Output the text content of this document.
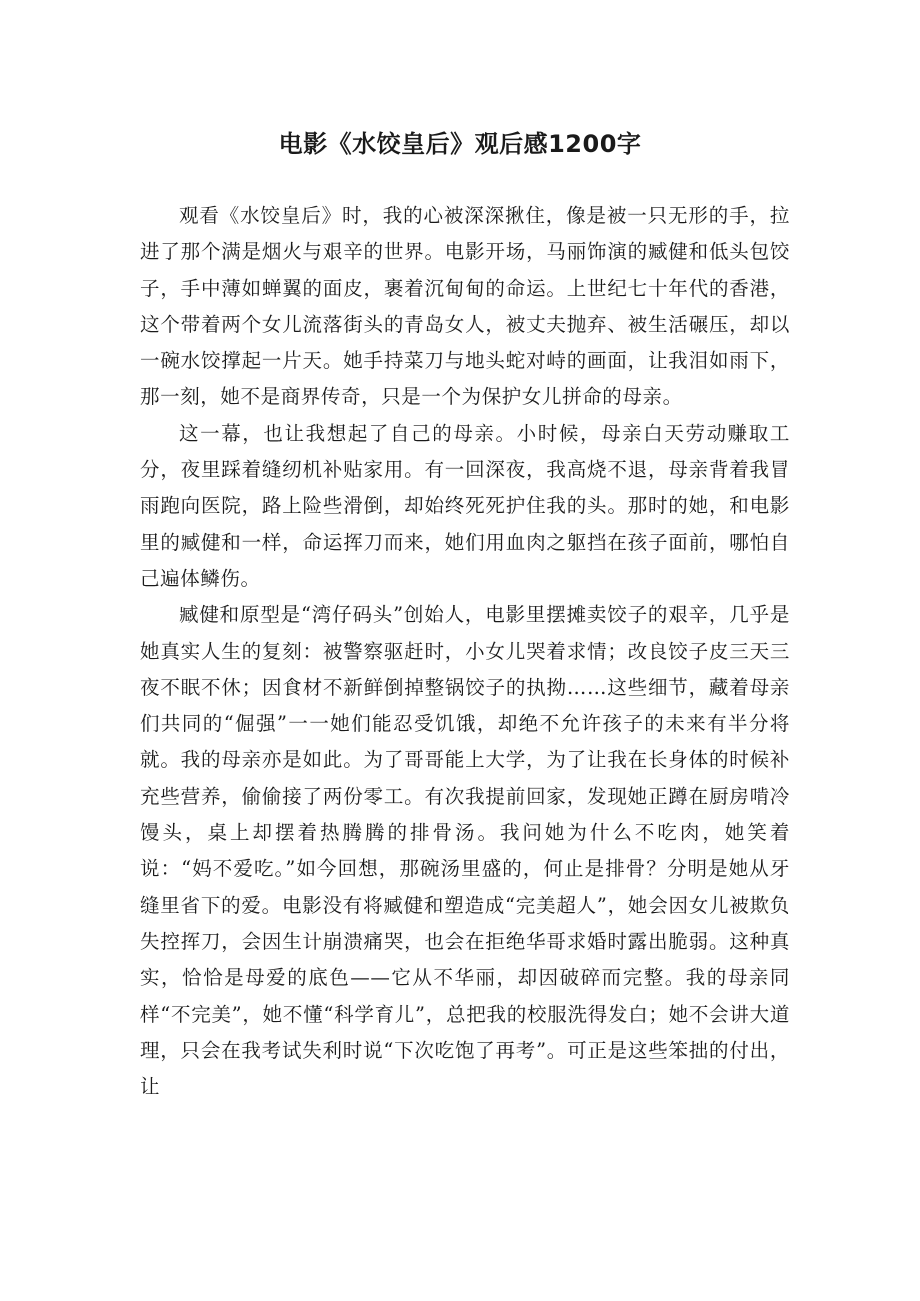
电影《水饺皇后》观后感1200字

观看《水饺皇后》时，我的心被深深揪住，像是被一只无形的手，拉进了那个满是烟火与艰辛的世界。电影开场，马丽饰演的臧健和低头包饺子，手中薄如蝉翼的面皮，裹着沉甸甸的命运。上世纪七十年代的香港，这个带着两个女儿流落街头的青岛女人，被丈夫抛弃、被生活碾压，却以一碗水饺撑起一片天。她手持菜刀与地头蛇对峙的画面，让我泪如雨下，那一刻，她不是商界传奇，只是一个为保护女儿拼命的母亲。

这一幕，也让我想起了自己的母亲。小时候，母亲白天劳动赚取工分，夜里踩着缝纫机补贴家用。有一回深夜，我高烧不退，母亲背着我冒雨跑向医院，路上险些滑倒，却始终死死护住我的头。那时的她，和电影里的臧健和一样，命运挥刀而来，她们用血肉之躯挡在孩子面前，哪怕自己遍体鳞伤。

臧健和原型是“湾仔码头”创始人，电影里摆摊卖饺子的艰辛，几乎是她真实人生的复刻：被警察驱赶时，小女儿哭着求情；改良饺子皮三天三夜不眠不休；因食材不新鲜倒掉整锅饺子的执拗……这些细节，藏着母亲们共同的“倔强”一一她们能忍受饥饿，却绝不允许孩子的未来有半分将就。我的母亲亦是如此。为了哥哥能上大学，为了让我在长身体的时候补充些营养，偷偷接了两份零工。有次我提前回家，发现她正蹲在厨房啃冷馒头，桌上却摆着热腾腾的排骨汤。我问她为什么不吃肉，她笑着说：“妈不爱吃。”如今回想，那碗汤里盛的，何止是排骨？分明是她从牙缝里省下的爱。电影没有将臧健和塑造成“完美超人”，她会因女儿被欺负失控挥刀，会因生计崩溃痛哭，也会在拒绝华哥求婚时露出脆弱。这种真实，恰恰是母爱的底色——它从不华丽，却因破碎而完整。我的母亲同样“不完美”，她不懂“科学育儿”，总把我的校服洗得发白；她不会讲大道理，只会在我考试失利时说“下次吃饱了再考”。可正是这些笨拙的付出，让
